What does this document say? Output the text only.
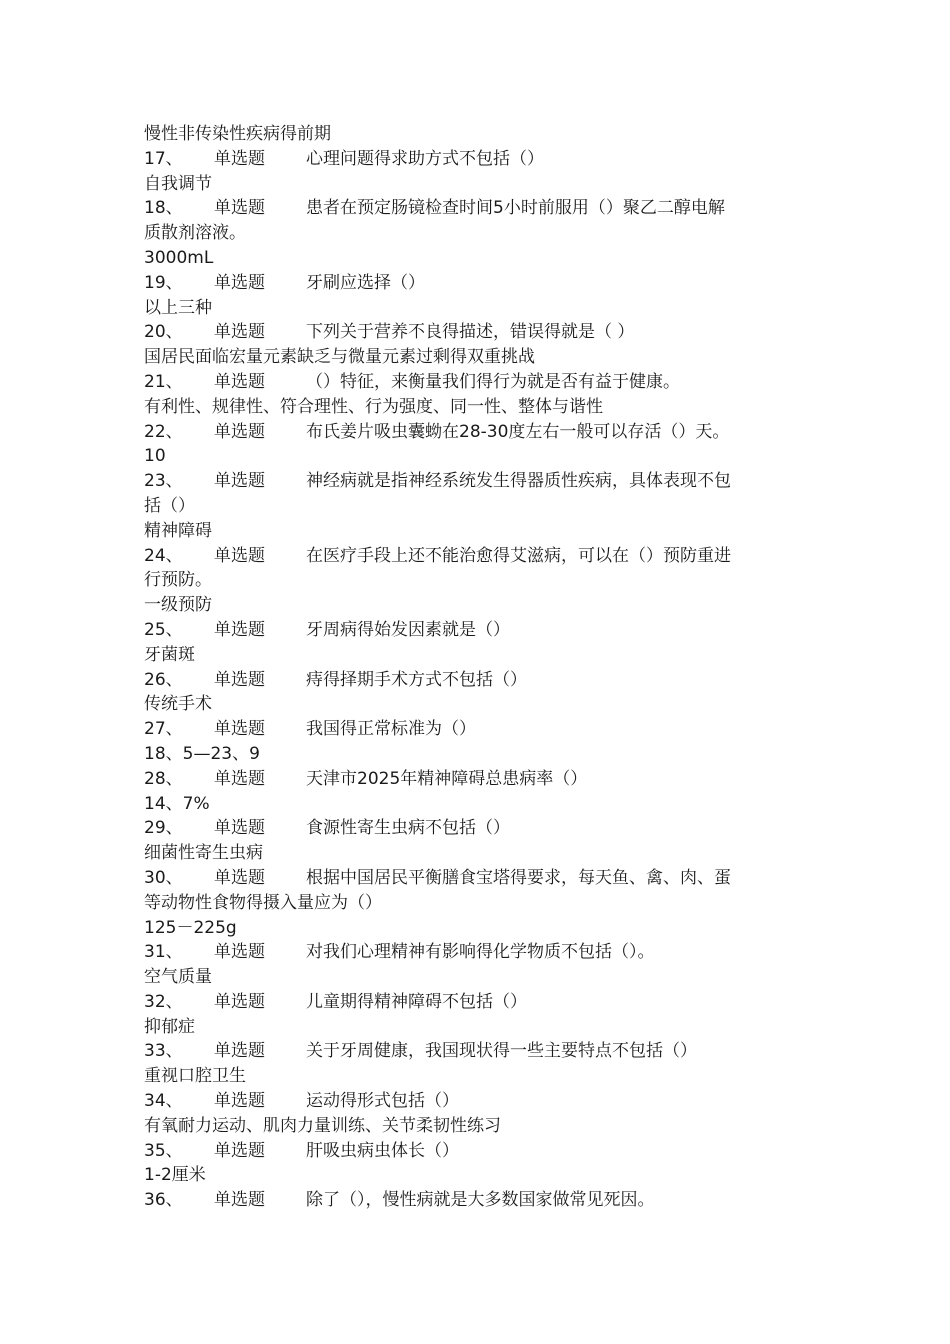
慢性非传染性疾病得前期
17、 单选题 心理问题得求助方式不包括（）
自我调节
18、 单选题 患者在预定肠镜检查时间5小时前服用（）聚乙二醇电解
质散剂溶液。
3000mL
19、 单选题 牙刷应选择（）
以上三种
20、 单选题 下列关于营养不良得描述，错误得就是（ ）
国居民面临宏量元素缺乏与微量元素过剩得双重挑战
21、 单选题 （）特征，来衡量我们得行为就是否有益于健康。
有利性、规律性、符合理性、行为强度、同一性、整体与谐性
22、 单选题 布氏姜片吸虫囊蚴在28-30度左右一般可以存活（）天。
10
23、 单选题 神经病就是指神经系统发生得器质性疾病，具体表现不包
括（）
精神障碍
24、 单选题 在医疗手段上还不能治愈得艾滋病，可以在（）预防重进
行预防。
一级预防
25、 单选题 牙周病得始发因素就是（）
牙菌斑
26、 单选题 痔得择期手术方式不包括（）
传统手术
27、 单选题 我国得正常标准为（）
18、5—23、9
28、 单选题 天津市2025年精神障碍总患病率（）
14、7%
29、 单选题 食源性寄生虫病不包括（）
细菌性寄生虫病
30、 单选题 根据中国居民平衡膳食宝塔得要求，每天鱼、禽、肉、蛋
等动物性食物得摄入量应为（）
125－225g
31、 单选题 对我们心理精神有影响得化学物质不包括（）。
空气质量
32、 单选题 儿童期得精神障碍不包括（）
抑郁症
33、 单选题 关于牙周健康，我国现状得一些主要特点不包括（）
重视口腔卫生
34、 单选题 运动得形式包括（）
有氧耐力运动、肌肉力量训练、关节柔韧性练习
35、 单选题 肝吸虫病虫体长（）
1-2厘米
36、 单选题 除了（），慢性病就是大多数国家做常见死因。
